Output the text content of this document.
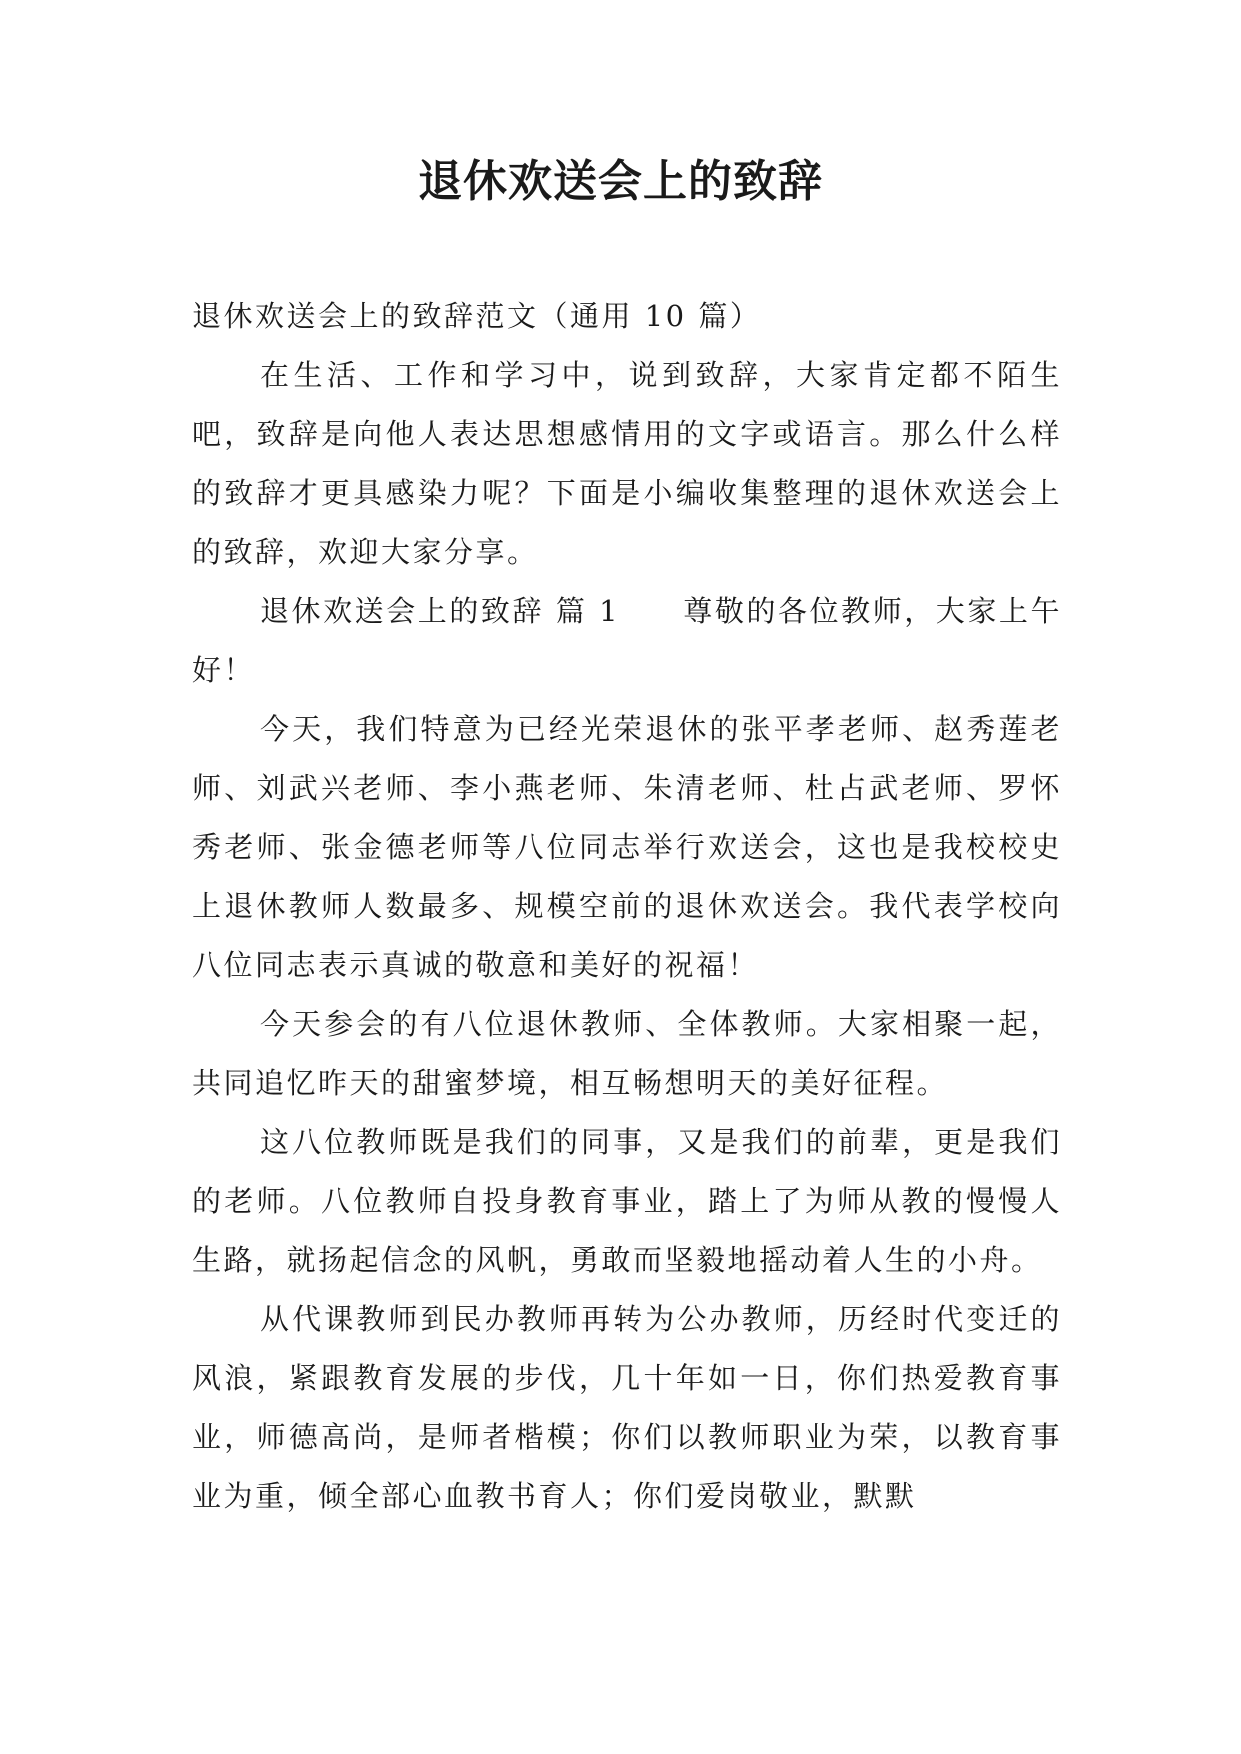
退休欢送会上的致辞

退休欢送会上的致辞范文（通用 10 篇）

在生活、工作和学习中，说到致辞，大家肯定都不陌生吧，致辞是向他人表达思想感情用的文字或语言。那么什么样的致辞才更具感染力呢？下面是小编收集整理的退休欢送会上的致辞，欢迎大家分享。

退休欢送会上的致辞 篇 1　　尊敬的各位教师，大家上午好！

今天，我们特意为已经光荣退休的张平孝老师、赵秀莲老师、刘武兴老师、李小燕老师、朱清老师、杜占武老师、罗怀秀老师、张金德老师等八位同志举行欢送会，这也是我校校史上退休教师人数最多、规模空前的退休欢送会。我代表学校向八位同志表示真诚的敬意和美好的祝福！

今天参会的有八位退休教师、全体教师。大家相聚一起，共同追忆昨天的甜蜜梦境，相互畅想明天的美好征程。

这八位教师既是我们的同事，又是我们的前辈，更是我们的老师。八位教师自投身教育事业，踏上了为师从教的慢慢人生路，就扬起信念的风帆，勇敢而坚毅地摇动着人生的小舟。

从代课教师到民办教师再转为公办教师，历经时代变迁的风浪，紧跟教育发展的步伐，几十年如一日，你们热爱教育事业，师德高尚，是师者楷模；你们以教师职业为荣，以教育事业为重，倾全部心血教书育人；你们爱岗敬业，默默
